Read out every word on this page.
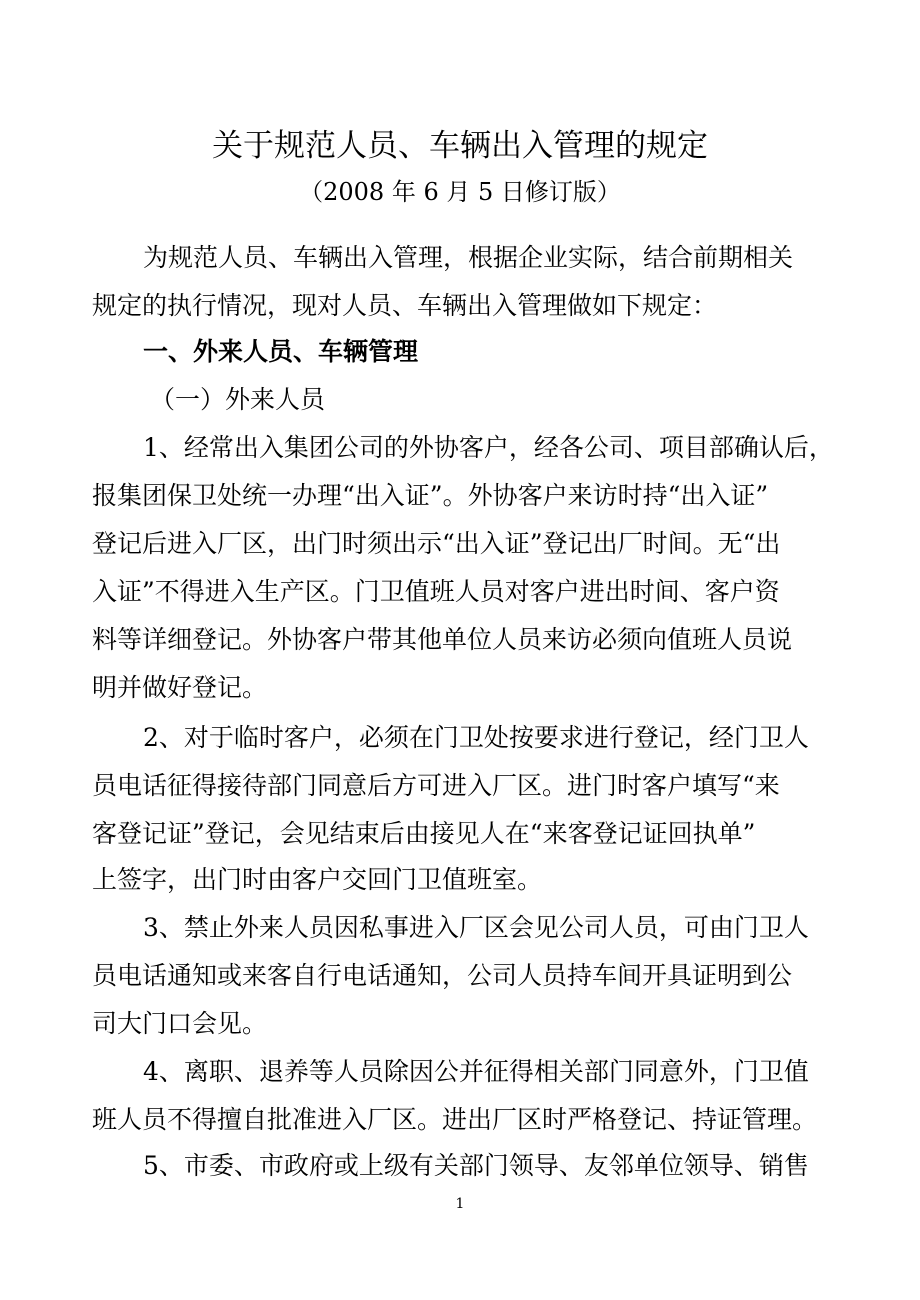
关于规范人员、车辆出入管理的规定
（2008 年 6 月 5 日修订版）
为规范人员、车辆出入管理，根据企业实际，结合前期相关
规定的执行情况，现对人员、车辆出入管理做如下规定：
一、外来人员、车辆管理
（一）外来人员
1、经常出入集团公司的外协客户，经各公司、项目部确认后，
报集团保卫处统一办理“出入证”。外协客户来访时持“出入证”
登记后进入厂区，出门时须出示“出入证”登记出厂时间。无“出
入证”不得进入生产区。门卫值班人员对客户进出时间、客户资
料等详细登记。外协客户带其他单位人员来访必须向值班人员说
明并做好登记。
2、对于临时客户，必须在门卫处按要求进行登记，经门卫人
员电话征得接待部门同意后方可进入厂区。进门时客户填写“来
客登记证”登记，会见结束后由接见人在“来客登记证回执单”
上签字，出门时由客户交回门卫值班室。
3、禁止外来人员因私事进入厂区会见公司人员，可由门卫人
员电话通知或来客自行电话通知，公司人员持车间开具证明到公
司大门口会见。
4、离职、退养等人员除因公并征得相关部门同意外，门卫值
班人员不得擅自批准进入厂区。进出厂区时严格登记、持证管理。
5、市委、市政府或上级有关部门领导、友邻单位领导、销售
1
